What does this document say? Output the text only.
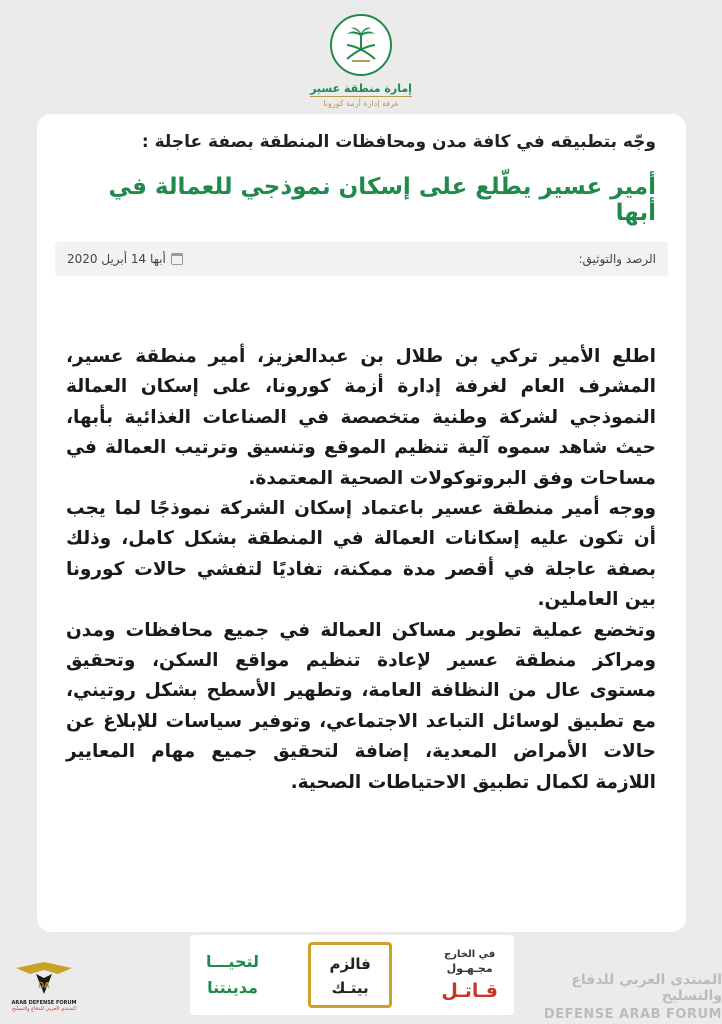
إمارة منطقة عسير
غرفة إدارة أزمة كورونا
وجّه بتطبيقه في كافة مدن ومحافظات المنطقة بصفة عاجلة :
أمير عسير يطّلع على إسكان نموذجي للعمالة في أبها
الرصد والتوثيق:
أبها 14 أبريل 2020

اطلع الأمير تركي بن طلال بن عبدالعزيز، أمير منطقة عسير، المشرف العام لغرفة إدارة أزمة كورونا، على إسكان العمالة النموذجي لشركة وطنية متخصصة في الصناعات الغذائية بأبها، حيث شاهد سموه آلية تنظيم الموقع وتنسيق وترتيب العمالة في مساحات وفق البروتوكولات الصحية المعتمدة.

ووجه أمير منطقة عسير باعتماد إسكان الشركة نموذجًا لما يجب أن تكون عليه إسكانات العمالة في المنطقة بشكل كامل، وذلك بصفة عاجلة في أقصر مدة ممكنة، تفاديًا لتفشي حالات كورونا بين العاملين.

وتخضع عملية تطوير مساكن العمالة في جميع محافظات ومدن ومراكز منطقة عسير لإعادة تنظيم مواقع السكن، وتحقيق مستوى عال من النظافة العامة، وتطهير الأسطح بشكل روتيني، مع تطبيق لوسائل التباعد الاجتماعي، وتوفير سياسات للإبلاغ عن حالات الأمراض المعدية، إضافة لتحقيق جميع مهام المعايير اللازمة لكمال تطبيق الاحتياطات الصحية.

لتحيـــا
مدينتنا
فالزم
بيتـك
في الخارج
مجـهـول
قـاتـل
DA
ARAB DEFENSE FORUM
المنتدى العربي للدفاع والتسليح
المنتدى العربي للدفاع والتسليح
DEFENSE ARAB FORUM
